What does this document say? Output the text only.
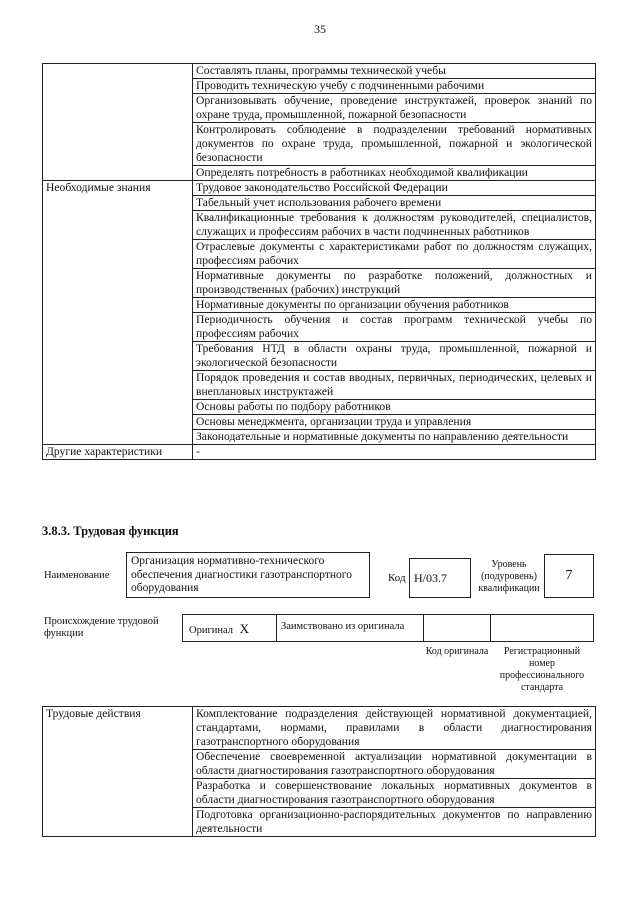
35
	Составлять планы, программы технической учебы
	Проводить техническую учебу с подчиненными рабочими
	Организовывать обучение, проведение инструктажей, проверок знаний по охране труда, промышленной, пожарной безопасности
	Контролировать соблюдение в подразделении требований нормативных документов по охране труда, промышленной, пожарной и экологической безопасности
	Определять потребность в работниках необходимой квалификации
Необходимые знания	Трудовое законодательство Российской Федерации
	Табельный учет использования рабочего времени
	Квалификационные требования к должностям руководителей, специалистов, служащих и профессиям рабочих в части подчиненных работников
	Отраслевые документы с характеристиками работ по должностям служащих, профессиям рабочих
	Нормативные документы по разработке положений, должностных и производственных (рабочих) инструкций
	Нормативные документы по организации обучения работников
	Периодичность обучения и состав программ технической учебы по профессиям рабочих
	Требования НТД в области охраны труда, промышленной, пожарной и экологической безопасности
	Порядок проведения и состав вводных, первичных, периодических, целевых и внеплановых инструктажей
	Основы работы по подбору работников
	Основы менеджмента, организации труда и управления
	Законодательные и нормативные документы по направлению деятельности
Другие характеристики	-
3.8.3. Трудовая функция
Наименование
Организация нормативно-технического обеспечения диагностики газотранспортного оборудования
Код H/03.7
Уровень (подуровень) квалификации
7
Происхождение трудовой функции	Оригинал X	Заимствовано из оригинала
Код оригинала	Регистрационный номер профессионального стандарта
Трудовые действия	Комплектование подразделения действующей нормативной документацией, стандартами, нормами, правилами в области диагностирования газотранспортного оборудования
Обеспечение своевременной актуализации нормативной документации в области диагностирования газотранспортного оборудования
Разработка и совершенствование локальных нормативных документов в области диагностирования газотранспортного оборудования
Подготовка организационно-распорядительных документов по направлению деятельности
